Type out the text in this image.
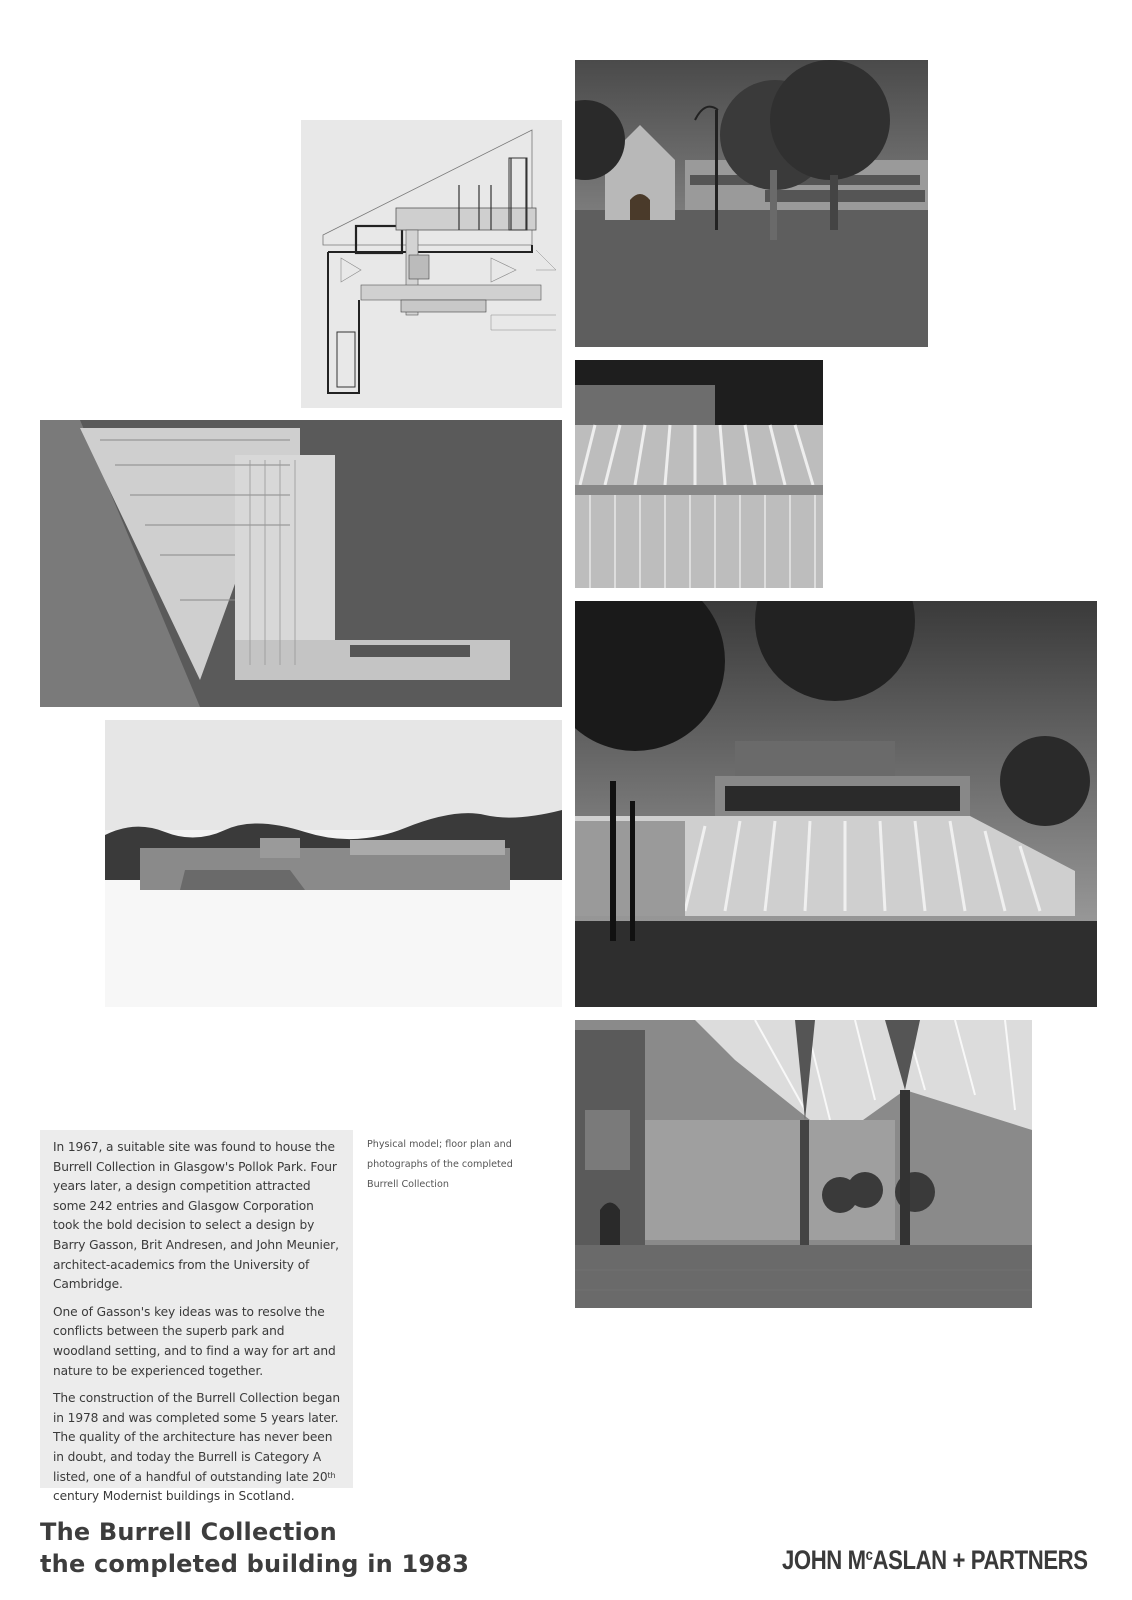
In 1967, a suitable site was found to house the Burrell Collection in Glasgow's Pollok Park. Four years later, a design competition attracted some 242 entries and Glasgow Corporation took the bold decision to select a design by Barry Gasson, Brit Andresen, and John Meunier, architect-academics from the University of Cambridge.

One of Gasson's key ideas was to resolve the conflicts between the superb park and woodland setting, and to find a way for art and nature to be experienced together.

The construction of the Burrell Collection began in 1978 and was completed some 5 years later. The quality of the architecture has never been in doubt, and today the Burrell is Category A listed, one of a handful of outstanding late 20th century Modernist buildings in Scotland.

Physical model; floor plan and
photographs of the completed
Burrell Collection
The Burrell Collection
the completed building in 1983	JOHN $M^cASLAN$ + PARTNERS
